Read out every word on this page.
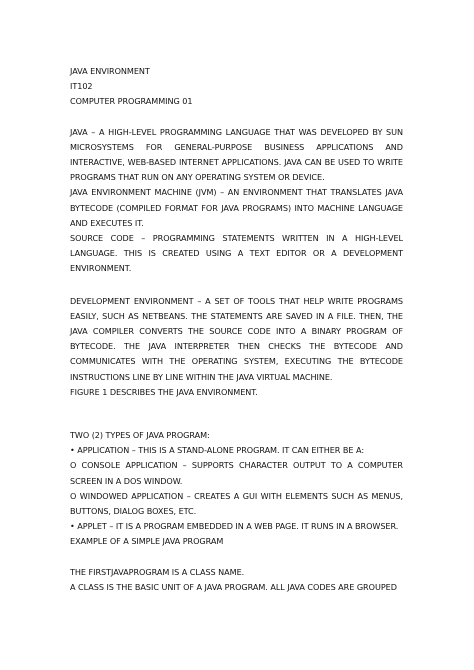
JAVA ENVIRONMENT

IT102

COMPUTER PROGRAMMING 01

JAVA – A HIGH-LEVEL PROGRAMMING LANGUAGE THAT WAS DEVELOPED BY SUN MICROSYSTEMS FOR GENERAL-PURPOSE BUSINESS APPLICATIONS AND INTERACTIVE, WEB-BASED INTERNET APPLICATIONS. JAVA CAN BE USED TO WRITE PROGRAMS THAT RUN ON ANY OPERATING SYSTEM OR DEVICE.

JAVA ENVIRONMENT MACHINE (JVM) – AN ENVIRONMENT THAT TRANSLATES JAVA BYTECODE (COMPILED FORMAT FOR JAVA PROGRAMS) INTO MACHINE LANGUAGE AND EXECUTES IT.

SOURCE CODE – PROGRAMMING STATEMENTS WRITTEN IN A HIGH-LEVEL LANGUAGE. THIS IS CREATED USING A TEXT EDITOR OR A DEVELOPMENT ENVIRONMENT.

DEVELOPMENT ENVIRONMENT – A SET OF TOOLS THAT HELP WRITE PROGRAMS EASILY, SUCH AS NETBEANS. THE STATEMENTS ARE SAVED IN A FILE. THEN, THE JAVA COMPILER CONVERTS THE SOURCE CODE INTO A BINARY PROGRAM OF BYTECODE. THE JAVA INTERPRETER THEN CHECKS THE BYTECODE AND COMMUNICATES WITH THE OPERATING SYSTEM, EXECUTING THE BYTECODE INSTRUCTIONS LINE BY LINE WITHIN THE JAVA VIRTUAL MACHINE.

FIGURE 1 DESCRIBES THE JAVA ENVIRONMENT.

TWO (2) TYPES OF JAVA PROGRAM:

• APPLICATION – THIS IS A STAND-ALONE PROGRAM. IT CAN EITHER BE A:

O CONSOLE APPLICATION – SUPPORTS CHARACTER OUTPUT TO A COMPUTER SCREEN IN A DOS WINDOW.

O WINDOWED APPLICATION – CREATES A GUI WITH ELEMENTS SUCH AS MENUS, BUTTONS, DIALOG BOXES, ETC.

• APPLET – IT IS A PROGRAM EMBEDDED IN A WEB PAGE. IT RUNS IN A BROWSER.

EXAMPLE OF A SIMPLE JAVA PROGRAM

THE FIRSTJAVAPROGRAM IS A CLASS NAME.

A CLASS IS THE BASIC UNIT OF A JAVA PROGRAM. ALL JAVA CODES ARE GROUPED
